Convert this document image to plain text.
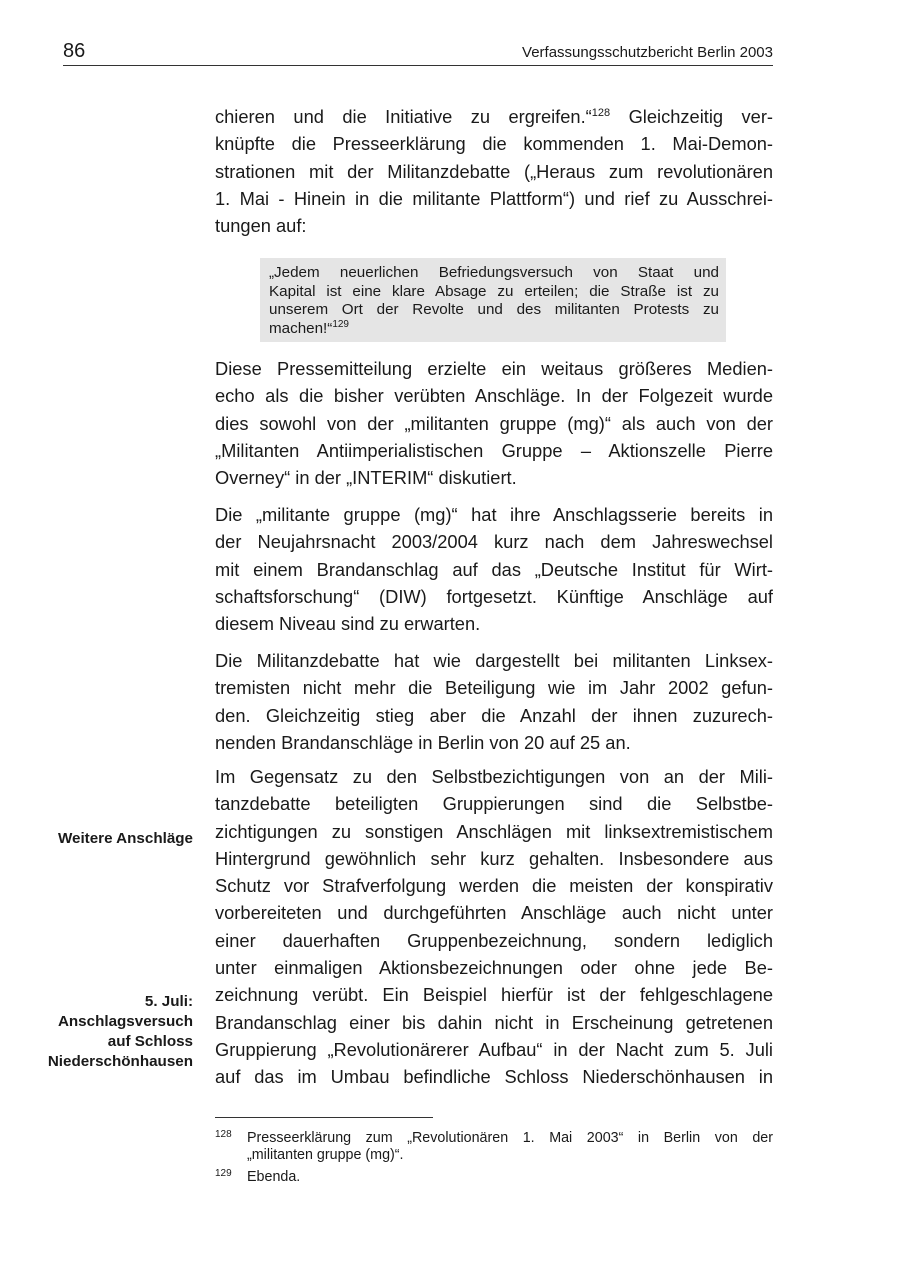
86	Verfassungsschutzbericht Berlin 2003
chieren und die Initiative zu ergreifen.“$^{128}$ Gleichzeitig ver-
knüpfte die Presseerklärung die kommenden 1. Mai-Demon-
strationen mit der Militanzdebatte („Heraus zum revolutionären
1. Mai - Hinein in die militante Plattform“) und rief zu Ausschrei-
tungen auf:
„Jedem neuerlichen Befriedungsversuch von Staat und
Kapital ist eine klare Absage zu erteilen; die Straße ist zu
unserem Ort der Revolte und des militanten Protests zu
machen!“$^{129}$
Diese Pressemitteilung erzielte ein weitaus größeres Medien-
echo als die bisher verübten Anschläge. In der Folgezeit wurde
dies sowohl von der „militanten gruppe (mg)“ als auch von der
„Militanten Antiimperialistischen Gruppe – Aktionszelle Pierre
Overney“ in der „INTERIM“ diskutiert.
Die „militante gruppe (mg)“ hat ihre Anschlagsserie bereits in
der Neujahrsnacht 2003/2004 kurz nach dem Jahreswechsel
mit einem Brandanschlag auf das „Deutsche Institut für Wirt-
schaftsforschung“ (DIW) fortgesetzt. Künftige Anschläge auf
diesem Niveau sind zu erwarten.
Die Militanzdebatte hat wie dargestellt bei militanten Linksex-
tremisten nicht mehr die Beteiligung wie im Jahr 2002 gefun-
den. Gleichzeitig stieg aber die Anzahl der ihnen zuzurech-
nenden Brandanschläge in Berlin von 20 auf 25 an.
Im Gegensatz zu den Selbstbezichtigungen von an der Mili-
tanzdebatte beteiligten Gruppierungen sind die Selbstbe-
zichtigungen zu sonstigen Anschlägen mit linksextremistischem
Hintergrund gewöhnlich sehr kurz gehalten. Insbesondere aus
Schutz vor Strafverfolgung werden die meisten der konspirativ
vorbereiteten und durchgeführten Anschläge auch nicht unter
einer dauerhaften Gruppenbezeichnung, sondern lediglich
unter einmaligen Aktionsbezeichnungen oder ohne jede Be-
zeichnung verübt. Ein Beispiel hierfür ist der fehlgeschlagene
Brandanschlag einer bis dahin nicht in Erscheinung getretenen
Gruppierung „Revolutionärerer Aufbau“ in der Nacht zum 5. Juli
auf das im Umbau befindliche Schloss Niederschönhausen in
Weitere Anschläge
5. Juli:
Anschlagsversuch
auf Schloss
Niederschönhausen
128 Presseerklärung zum „Revolutionären 1. Mai 2003“ in Berlin von der
„militanten gruppe (mg)“.
129 Ebenda.
